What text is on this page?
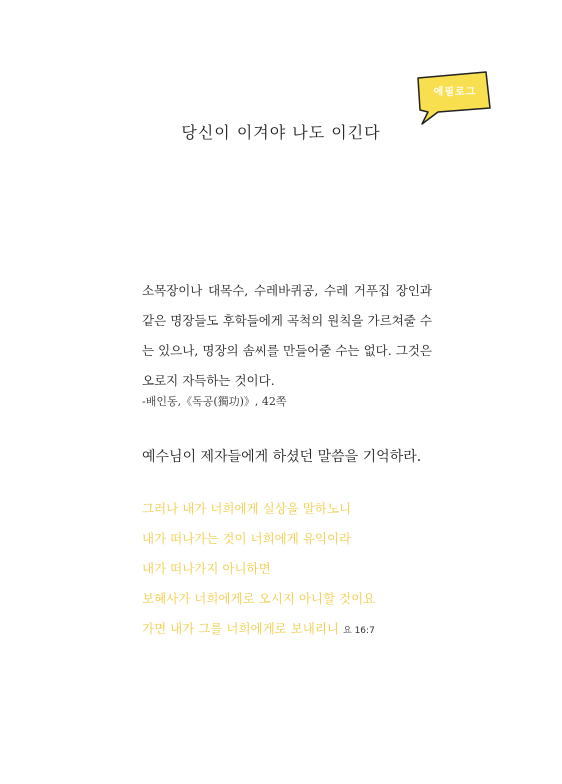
에필로그
당신이 이겨야 나도 이긴다

소목장이나 대목수, 수레바퀴공, 수레 거푸집 장인과 같은 명장들도 후학들에게 곡척의 원칙을 가르쳐줄 수는 있으나, 명장의 솜씨를 만들어줄 수는 없다. 그것은 오로지 자득하는 것이다.

-배인동,《독공(獨功)》, 42쪽
예수님이 제자들에게 하셨던 말씀을 기억하라.
그러나 내가 너희에게 실상을 말하노니
내가 떠나가는 것이 너희에게 유익이라
내가 떠나가지 아니하면
보혜사가 너희에게로 오시지 아니할 것이요
가면 내가 그를 너희에게로 보내리니 요 16:7
